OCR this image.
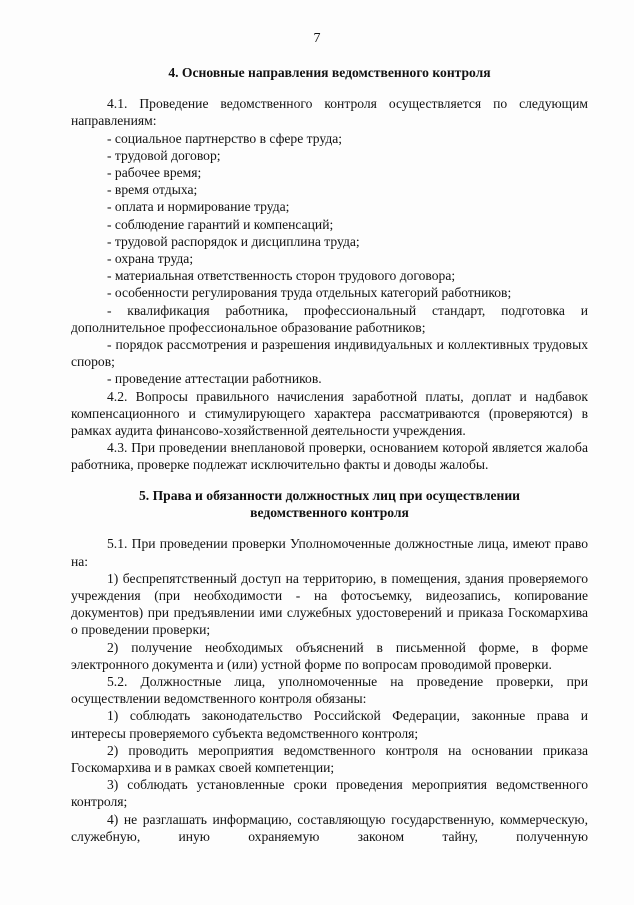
7
4. Основные направления ведомственного контроля

4.1. Проведение ведомственного контроля осуществляется по следующим направлениям:

- социальное партнерство в сфере труда;

- трудовой договор;

- рабочее время;

- время отдыха;

- оплата и нормирование труда;

- соблюдение гарантий и компенсаций;

- трудовой распорядок и дисциплина труда;

- охрана труда;

- материальная ответственность сторон трудового договора;

- особенности регулирования труда отдельных категорий работников;

- квалификация работника, профессиональный стандарт, подготовка и дополнительное профессиональное образование работников;

- порядок рассмотрения и разрешения индивидуальных и коллективных трудовых споров;

- проведение аттестации работников.

4.2. Вопросы правильного начисления заработной платы, доплат и надбавок компенсационного и стимулирующего характера рассматриваются (проверяются) в рамках аудита финансово-хозяйственной деятельности учреждения.

4.3. При проведении внеплановой проверки, основанием которой является жалоба работника, проверке подлежат исключительно факты и доводы жалобы.

5. Права и обязанности должностных лиц при осуществлении
ведомственного контроля

5.1. При проведении проверки Уполномоченные должностные лица, имеют право на:

1) беспрепятственный доступ на территорию, в помещения, здания проверяемого учреждения (при необходимости - на фотосъемку, видеозапись, копирование документов) при предъявлении ими служебных удостоверений и приказа Госкомархива о проведении проверки;

2) получение необходимых объяснений в письменной форме, в форме электронного документа и (или) устной форме по вопросам проводимой проверки.

5.2. Должностные лица, уполномоченные на проведение проверки, при осуществлении ведомственного контроля обязаны:

1) соблюдать законодательство Российской Федерации, законные права и интересы проверяемого субъекта ведомственного контроля;

2) проводить мероприятия ведомственного контроля на основании приказа Госкомархива и в рамках своей компетенции;

3) соблюдать установленные сроки проведения мероприятия ведомственного контроля;

4) не разглашать информацию, составляющую государственную, коммерческую, служебную, иную охраняемую законом тайну, полученную
